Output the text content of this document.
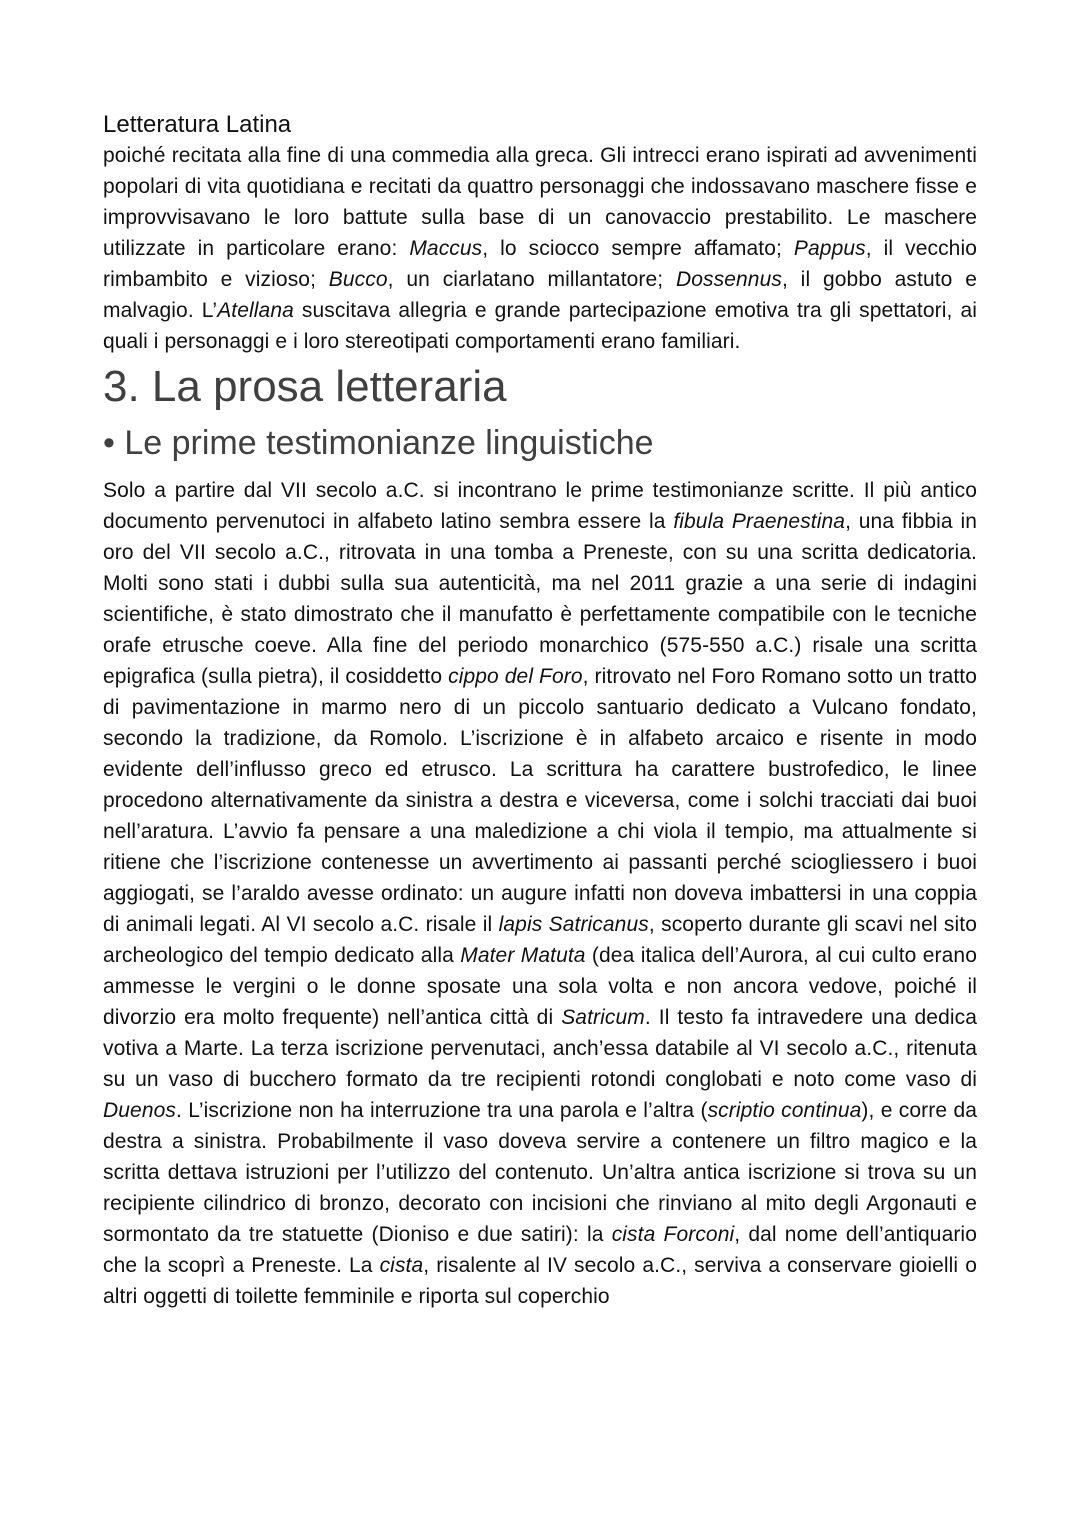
Letteratura Latina

poiché recitata alla fine di una commedia alla greca. Gli intrecci erano ispirati ad avvenimenti popolari di vita quotidiana e recitati da quattro personaggi che indossavano maschere fisse e improvvisavano le loro battute sulla base di un canovaccio prestabilito. Le maschere utilizzate in particolare erano: Maccus, lo sciocco sempre affamato; Pappus, il vecchio rimbambito e vizioso; Bucco, un ciarlatano millantatore; Dossennus, il gobbo astuto e malvagio. L’Atellana suscitava allegria e grande partecipazione emotiva tra gli spettatori, ai quali i personaggi e i loro stereotipati comportamenti erano familiari.

3. La prosa letteraria
• Le prime testimonianze linguistiche

Solo a partire dal VII secolo a.C. si incontrano le prime testimonianze scritte. Il più antico documento pervenutoci in alfabeto latino sembra essere la fibula Praenestina, una fibbia in oro del VII secolo a.C., ritrovata in una tomba a Preneste, con su una scritta dedicatoria. Molti sono stati i dubbi sulla sua autenticità, ma nel 2011 grazie a una serie di indagini scientifiche, è stato dimostrato che il manufatto è perfettamente compatibile con le tecniche orafe etrusche coeve. Alla fine del periodo monarchico (575-550 a.C.) risale una scritta epigrafica (sulla pietra), il cosiddetto cippo del Foro, ritrovato nel Foro Romano sotto un tratto di pavimentazione in marmo nero di un piccolo santuario dedicato a Vulcano fondato, secondo la tradizione, da Romolo. L’iscrizione è in alfabeto arcaico e risente in modo evidente dell’influsso greco ed etrusco. La scrittura ha carattere bustrofedico, le linee procedono alternativamente da sinistra a destra e viceversa, come i solchi tracciati dai buoi nell’aratura. L’avvio fa pensare a una maledizione a chi viola il tempio, ma attualmente si ritiene che l’iscrizione contenesse un avvertimento ai passanti perché sciogliessero i buoi aggiogati, se l’araldo avesse ordinato: un augure infatti non doveva imbattersi in una coppia di animali legati. Al VI secolo a.C. risale il lapis Satricanus, scoperto durante gli scavi nel sito archeologico del tempio dedicato alla Mater Matuta (dea italica dell’Aurora, al cui culto erano ammesse le vergini o le donne sposate una sola volta e non ancora vedove, poiché il divorzio era molto frequente) nell’antica città di Satricum. Il testo fa intravedere una dedica votiva a Marte. La terza iscrizione pervenutaci, anch’essa databile al VI secolo a.C., ritenuta su un vaso di bucchero formato da tre recipienti rotondi conglobati e noto come vaso di Duenos. L’iscrizione non ha interruzione tra una parola e l’altra (scriptio continua), e corre da destra a sinistra. Probabilmente il vaso doveva servire a contenere un filtro magico e la scritta dettava istruzioni per l’utilizzo del contenuto. Un’altra antica iscrizione si trova su un recipiente cilindrico di bronzo, decorato con incisioni che rinviano al mito degli Argonauti e sormontato da tre statuette (Dioniso e due satiri): la cista Forconi, dal nome dell’antiquario che la scoprì a Preneste. La cista, risalente al IV secolo a.C., serviva a conservare gioielli o altri oggetti di toilette femminile e riporta sul coperchio
